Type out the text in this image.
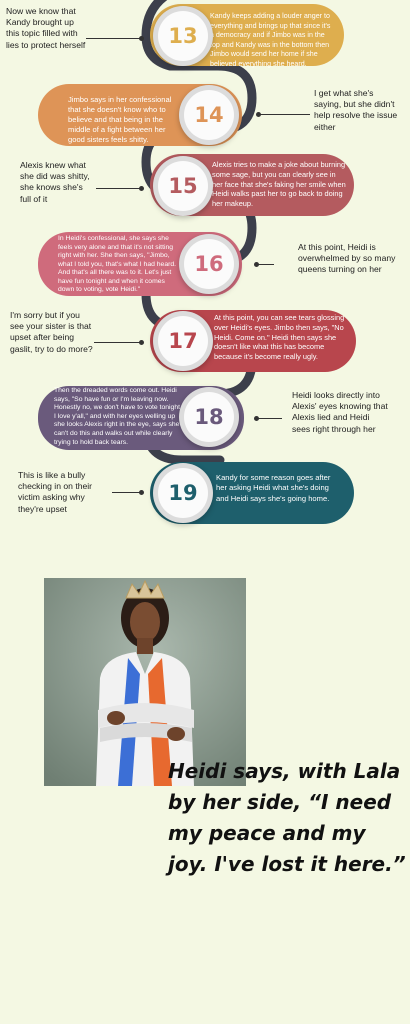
Kandy keeps adding a louder anger to everything and brings up that since it's a democracy and if Jimbo was in the top and Kandy was in the bottom then Jimbo would send her home if she believed everything she heard.
13
Now we know that Kandy brought up this topic filled with lies to protect herself
Jimbo says in her confessional that she doesn't know who to believe and that being in the middle of a fight between her good sisters feels shitty.
14
I get what she's saying, but she didn't help resolve the issue either
Alexis tries to make a joke about burning some sage, but you can clearly see in her face that she's faking her smile when Heidi walks past her to go back to doing her makeup.
15
Alexis knew what she did was shitty, she knows she's full of it
In Heidi's confessional, she says she feels very alone and that it's not sitting right with her. She then says, "Jimbo, what I told you, that's what I had heard. And that's all there was to it. Let's just have fun tonight and when it comes down to voting, vote Heidi."
16
At this point, Heidi is overwhelmed by so many queens turning on her
At this point, you can see tears glossing over Heidi's eyes. Jimbo then says, "No Heidi. Come on." Heidi then says she doesn't like what this has become because it's become really ugly.
17
I'm sorry but if you see your sister is that upset after being gaslit, try to do more?
Then the dreaded words come out. Heidi says, "So have fun or I'm leaving now. Honestly no, we don't have to vote tonight. I love y'all," and with her eyes welling up she looks Alexis right in the eye, says she can't do this and walks out while clearly trying to hold back tears.
18
Heidi looks directly into Alexis' eyes knowing that Alexis lied and Heidi sees right through her
Kandy for some reason goes after her asking Heidi what she's doing and Heidi says she's going home.
19
This is like a bully checking in on their victim asking why they're upset
Heidi says, with Lala by her side, “I need my peace and my joy. I've lost it here.”
